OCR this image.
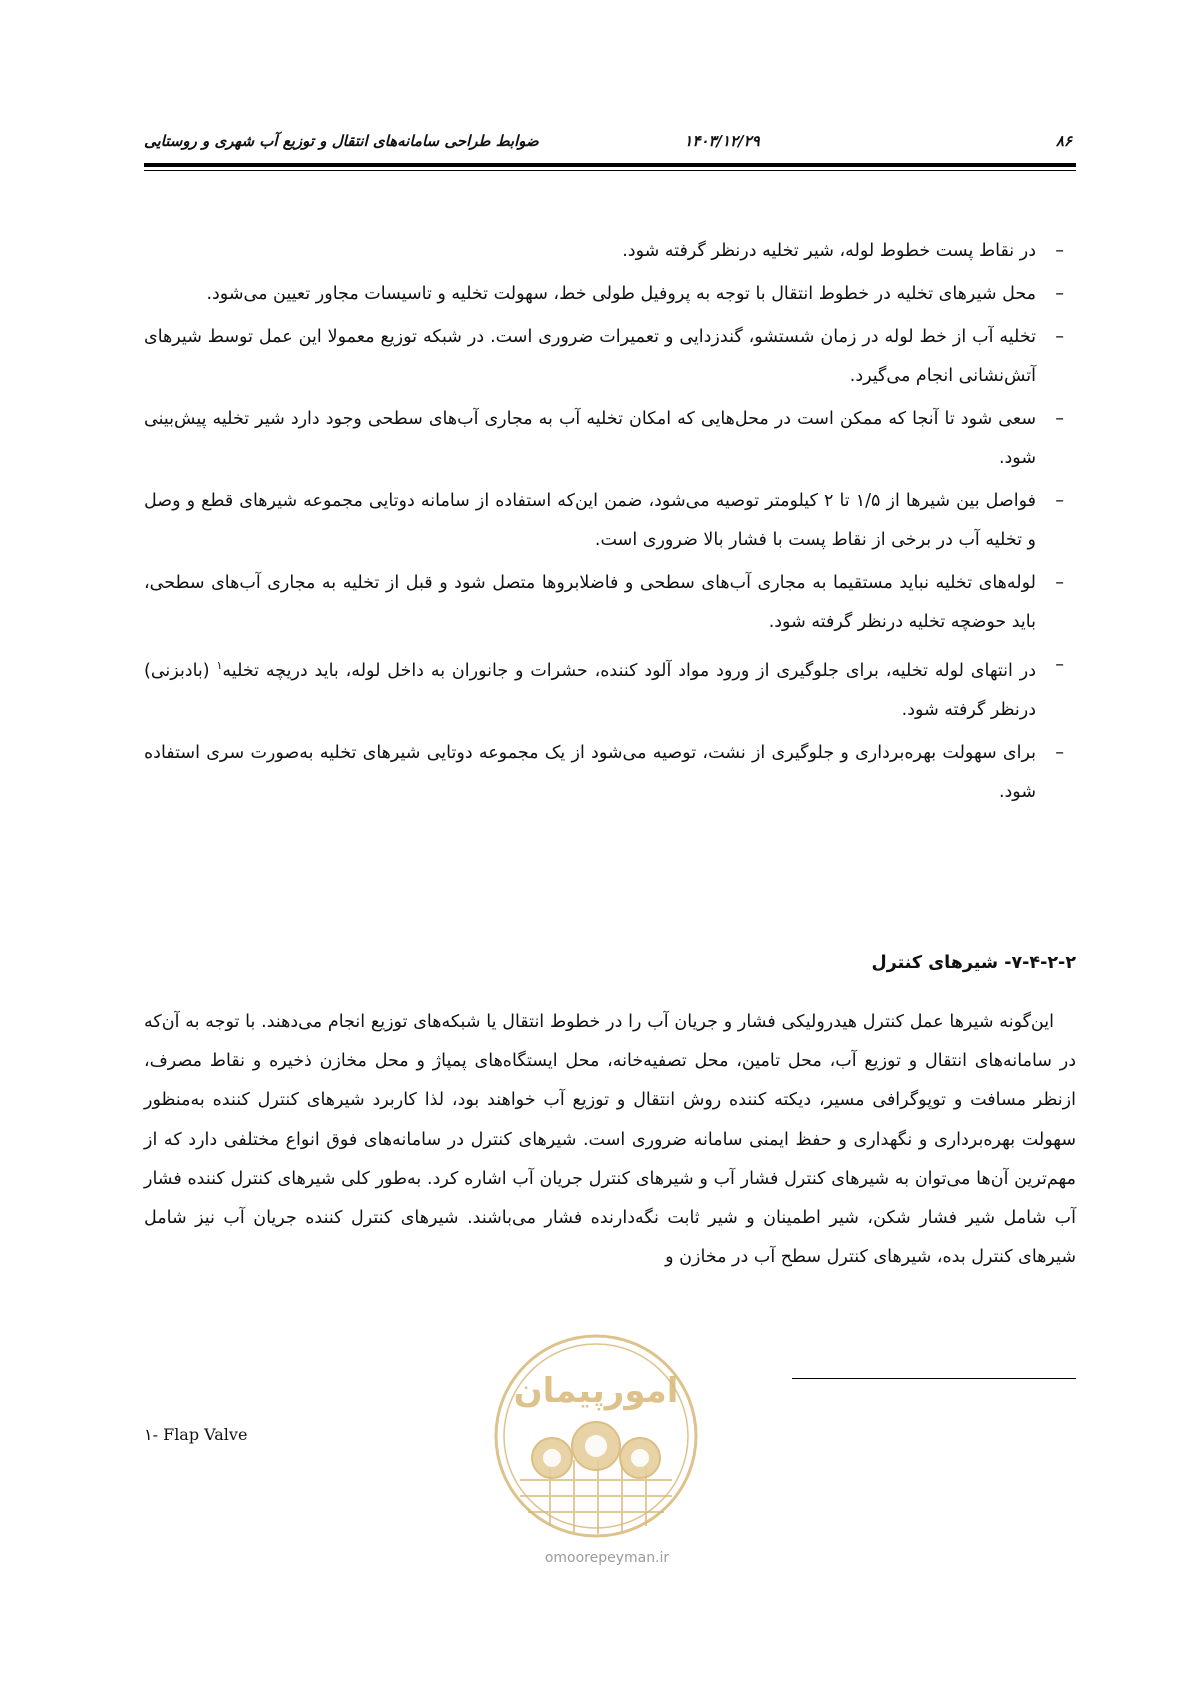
ضوابط طراحی سامانه‌های انتقال و توزیع آب شهری و روستایی	۱۴۰۳/۱۲/۲۹	۸۶
–
در نقاط پست خطوط لوله، شیر تخلیه درنظر گرفته شود.
–
محل شیرهای تخلیه در خطوط انتقال با توجه به پروفیل طولی خط، سهولت تخلیه و تاسیسات مجاور تعیین می‌شود.
–
تخلیه آب از خط لوله در زمان شستشو، گندزدایی و تعمیرات ضروری است. در شبکه توزیع معمولا این عمل توسط شیرهای آتش‌نشانی انجام می‌گیرد.
–
سعی شود تا آنجا که ممکن است در محل‌هایی که امکان تخلیه آب به مجاری آب‌های سطحی وجود دارد شیر تخلیه پیش‌بینی شود.
–
فواصل بین شیرها از ۱/۵ تا ۲ کیلومتر توصیه می‌شود، ضمن این‌که استفاده از سامانه دوتایی مجموعه شیرهای قطع و وصل و تخلیه آب در برخی از نقاط پست با فشار بالا ضروری است.
–
لوله‌های تخلیه نباید مستقیما به مجاری آب‌های سطحی و فاضلابروها متصل شود و قبل از تخلیه به مجاری آب‌های سطحی، باید حوضچه تخلیه درنظر گرفته شود.
–
در انتهای لوله تخلیه، برای جلوگیری از ورود مواد آلود کننده، حشرات و جانوران به داخل لوله، باید دریچه تخلیه$^۱$ (بادبزنی) درنظر گرفته شود.
–
برای سهولت بهره‌برداری و جلوگیری از نشت، توصیه می‌شود از یک مجموعه دوتایی شیرهای تخلیه به‌صورت سری استفاده شود.
۷-۴-۲-۲- شیرهای کنترل

این‌گونه شیرها عمل کنترل هیدرولیکی فشار و جریان آب را در خطوط انتقال یا شبکه‌های توزیع انجام می‌دهند. با توجه به آن‌که در سامانه‌های انتقال و توزیع آب، محل تامین، محل تصفیه‌خانه، محل ایستگاه‌های پمپاژ و محل مخازن ذخیره و نقاط مصرف، ازنظر مسافت و توپوگرافی مسیر، دیکته کننده روش انتقال و توزیع آب خواهند بود، لذا کاربرد شیرهای کنترل کننده به‌منظور سهولت بهره‌برداری و نگهداری و حفظ ایمنی سامانه ضروری است. شیرهای کنترل در سامانه‌های فوق انواع مختلفی دارد که از مهم‌ترین آن‌ها می‌توان به شیرهای کنترل فشار آب و شیرهای کنترل جریان آب اشاره کرد. به‌طور کلی شیرهای کنترل کننده فشار آب شامل شیر فشار شکن، شیر اطمینان و شیر ثابت نگه‌دارنده فشار می‌باشند. شیرهای کنترل کننده جریان آب نیز شامل شیرهای کنترل بده، شیرهای کنترل سطح آب در مخازن و

۱- Flap Valve
امورپیمان
omoorepeyman.ir
